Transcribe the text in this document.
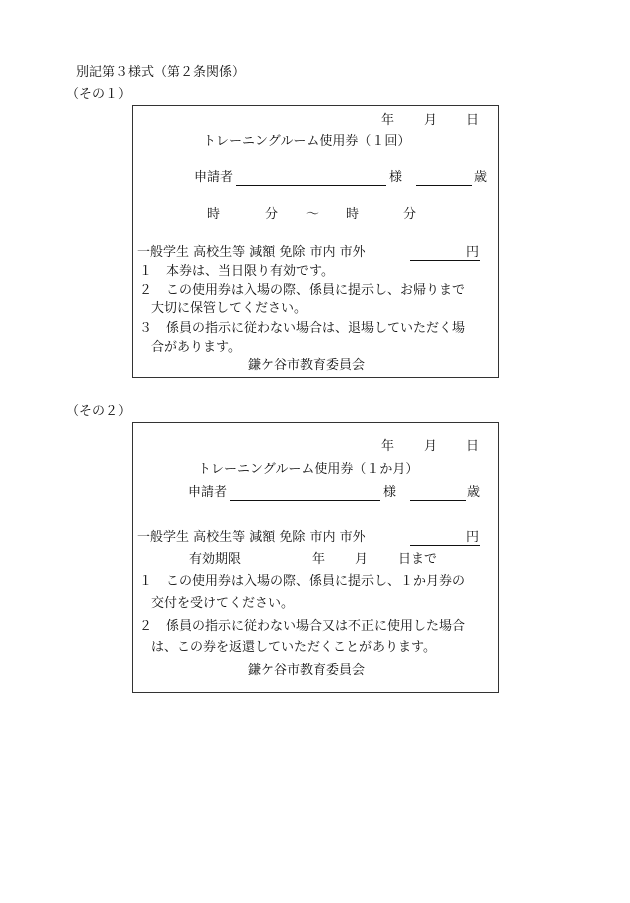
別記第３様式（第２条関係）
（その１）
年 月 日
トレーニングルーム使用券（１回）
申請者	様	歳
時	分 ～ 時	分
一般学生 高校生等 減額 免除 市内 市外	円
１ 本券は、当日限り有効です。
２ この使用券は入場の際、係員に提示し、お帰りまで
大切に保管してください。
３ 係員の指示に従わない場合は、退場していただく場
合があります。
鎌ケ谷市教育委員会
（その２）
年 月 日
トレーニングルーム使用券（１か月）
申請者	様	歳
一般学生 高校生等 減額 免除 市内 市外	円
有効期限	年 月 日まで
１ この使用券は入場の際、係員に提示し、１か月券の
交付を受けてください。
２ 係員の指示に従わない場合又は不正に使用した場合
は、この券を返還していただくことがあります。
鎌ケ谷市教育委員会
